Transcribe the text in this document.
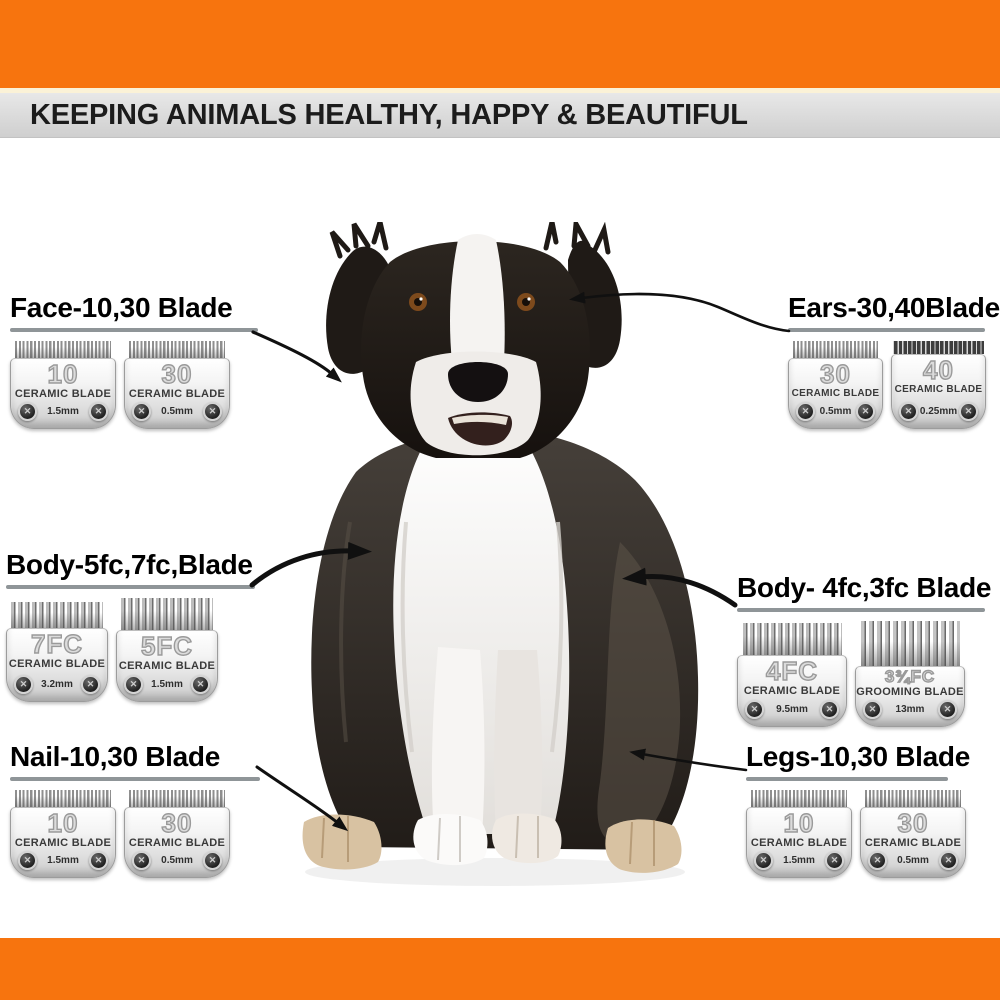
KEEPING ANIMALS HEALTHY, HAPPY & BEAUTIFUL
Face-10,30 Blade
10
CERAMIC BLADE
✕
1.5mm
✕
30
CERAMIC BLADE
✕
0.5mm
✕
Ears-30,40Blade
30
CERAMIC BLADE
✕
0.5mm
✕
40
CERAMIC BLADE
✕
0.25mm
✕
Body-5fc,7fc,Blade
7FC
CERAMIC BLADE
✕
3.2mm
✕
5FC
CERAMIC BLADE
✕
1.5mm
✕
Body- 4fc,3fc Blade
4FC
CERAMIC BLADE
✕
9.5mm
✕
3¾FC
GROOMING BLADE
✕
13mm
✕
Nail-10,30 Blade
10
CERAMIC BLADE
✕
1.5mm
✕
30
CERAMIC BLADE
✕
0.5mm
✕
Legs-10,30 Blade
10
CERAMIC BLADE
✕
1.5mm
✕
30
CERAMIC BLADE
✕
0.5mm
✕
